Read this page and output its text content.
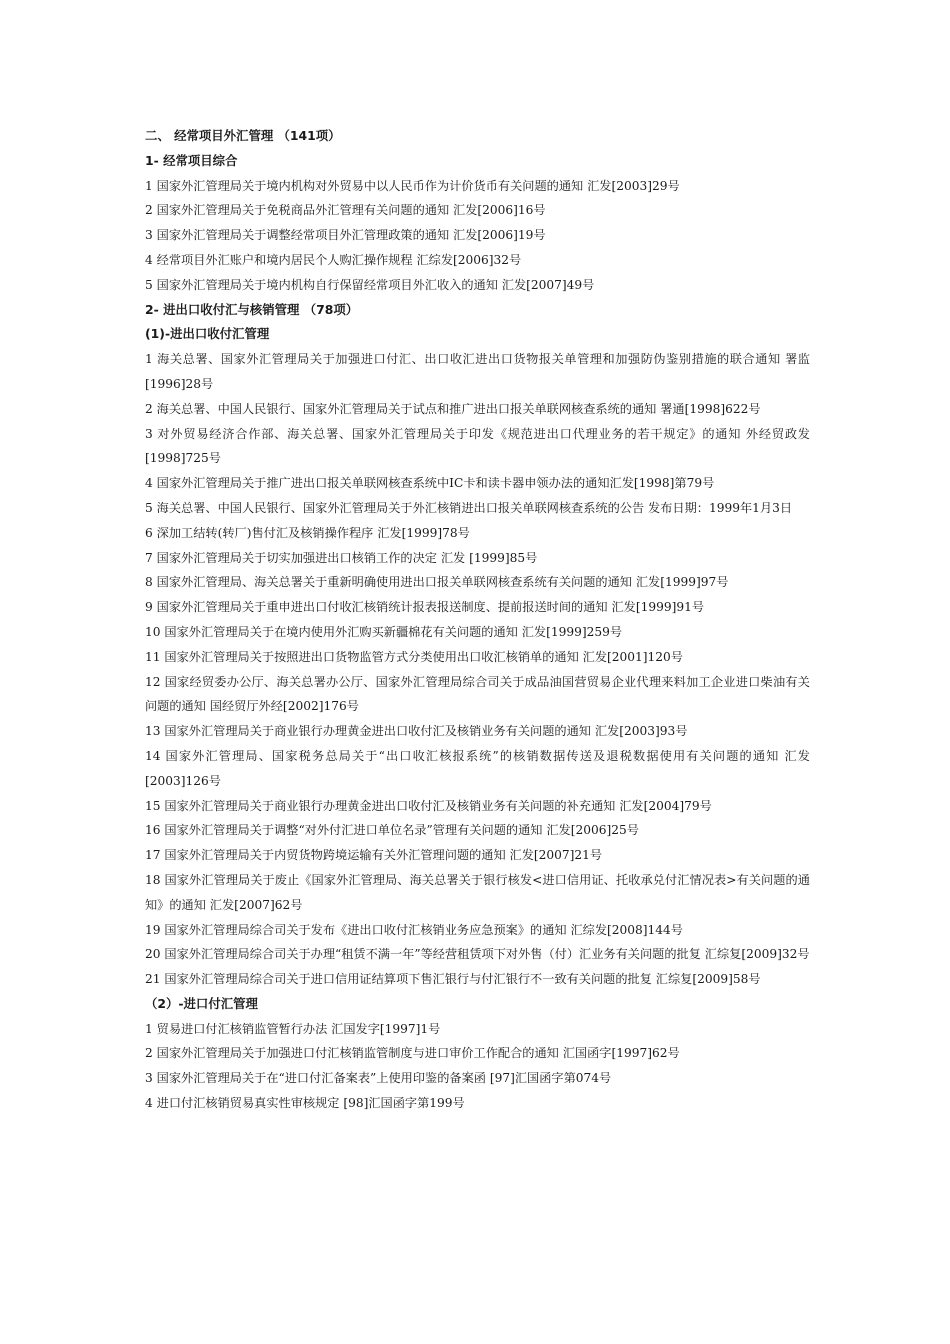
二、 经常项目外汇管理 （141项）

1- 经常项目综合

1 国家外汇管理局关于境内机构对外贸易中以人民币作为计价货币有关问题的通知 汇发[2003]29号

2 国家外汇管理局关于免税商品外汇管理有关问题的通知 汇发[2006]16号

3 国家外汇管理局关于调整经常项目外汇管理政策的通知 汇发[2006]19号

4 经常项目外汇账户和境内居民个人购汇操作规程 汇综发[2006]32号

5 国家外汇管理局关于境内机构自行保留经常项目外汇收入的通知 汇发[2007]49号

2- 进出口收付汇与核销管理 （78项）

(1)-进出口收付汇管理

1 海关总署、国家外汇管理局关于加强进口付汇、出口收汇进出口货物报关单管理和加强防伪鉴别措施的联合通知 署监[1996]28号

2 海关总署、中国人民银行、国家外汇管理局关于试点和推广进出口报关单联网核查系统的通知 署通[1998]622号

3 对外贸易经济合作部、海关总署、国家外汇管理局关于印发《规范进出口代理业务的若干规定》的通知 外经贸政发[1998]725号

4 国家外汇管理局关于推广进出口报关单联网核查系统中IC卡和读卡器申领办法的通知汇发[1998]第79号

5 海关总署、中国人民银行、国家外汇管理局关于外汇核销进出口报关单联网核查系统的公告 发布日期：1999年1月3日

6 深加工结转(转厂)售付汇及核销操作程序 汇发[1999]78号

7 国家外汇管理局关于切实加强进出口核销工作的决定 汇发 [1999]85号

8 国家外汇管理局、海关总署关于重新明确使用进出口报关单联网核查系统有关问题的通知 汇发[1999]97号

9 国家外汇管理局关于重申进出口付收汇核销统计报表报送制度、提前报送时间的通知 汇发[1999]91号

10 国家外汇管理局关于在境内使用外汇购买新疆棉花有关问题的通知 汇发[1999]259号

11 国家外汇管理局关于按照进出口货物监管方式分类使用出口收汇核销单的通知 汇发[2001]120号

12 国家经贸委办公厅、海关总署办公厅、国家外汇管理局综合司关于成品油国营贸易企业代理来料加工企业进口柴油有关问题的通知 国经贸厅外经[2002]176号

13 国家外汇管理局关于商业银行办理黄金进出口收付汇及核销业务有关问题的通知 汇发[2003]93号

14 国家外汇管理局、国家税务总局关于“出口收汇核报系统”的核销数据传送及退税数据使用有关问题的通知 汇发[2003]126号

15 国家外汇管理局关于商业银行办理黄金进出口收付汇及核销业务有关问题的补充通知 汇发[2004]79号

16 国家外汇管理局关于调整“对外付汇进口单位名录”管理有关问题的通知 汇发[2006]25号

17 国家外汇管理局关于内贸货物跨境运输有关外汇管理问题的通知 汇发[2007]21号

18 国家外汇管理局关于废止《国家外汇管理局、海关总署关于银行核发<进口信用证、托收承兑付汇情况表>有关问题的通知》的通知 汇发[2007]62号

19 国家外汇管理局综合司关于发布《进出口收付汇核销业务应急预案》的通知 汇综发[2008]144号

20 国家外汇管理局综合司关于办理“租赁不满一年”等经营租赁项下对外售（付）汇业务有关问题的批复 汇综复[2009]32号

21 国家外汇管理局综合司关于进口信用证结算项下售汇银行与付汇银行不一致有关问题的批复 汇综复[2009]58号

（2）-进口付汇管理

1 贸易进口付汇核销监管暂行办法 汇国发字[1997]1号

2 国家外汇管理局关于加强进口付汇核销监管制度与进口审价工作配合的通知 汇国函字[1997]62号

3 国家外汇管理局关于在“进口付汇备案表”上使用印鉴的备案函 [97]汇国函字第074号

4 进口付汇核销贸易真实性审核规定 [98]汇国函字第199号
